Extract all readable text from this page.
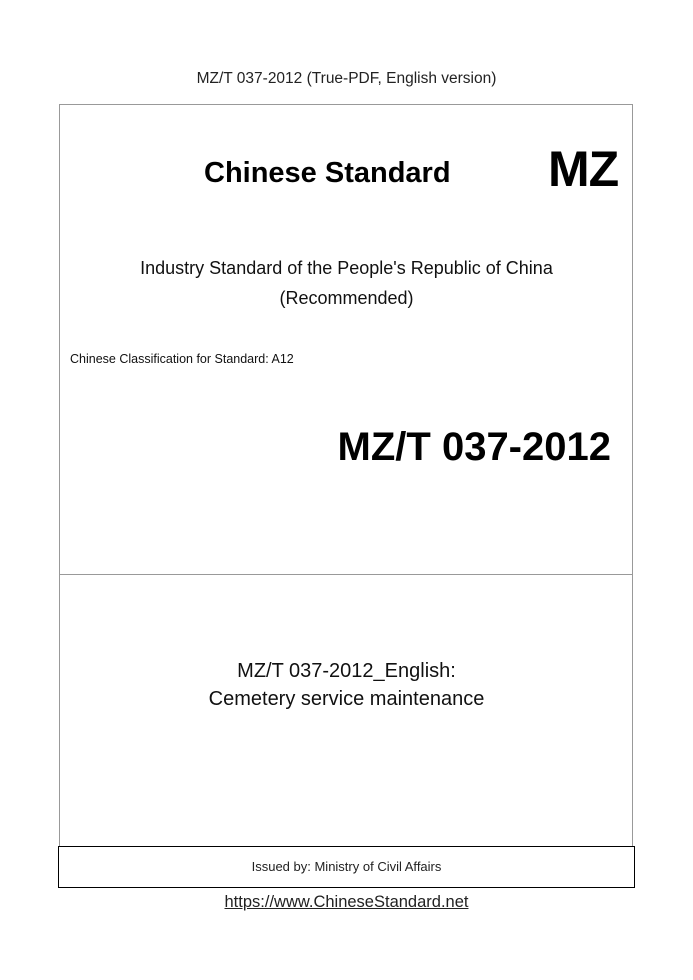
MZ/T 037-2012 (True-PDF, English version)
Chinese Standard MZ
Industry Standard of the People's Republic of China
(Recommended)
Chinese Classification for Standard: A12
MZ/T 037-2012
MZ/T 037-2012_English:
Cemetery service maintenance
Issued by: Ministry of Civil Affairs
https://www.ChineseStandard.net
